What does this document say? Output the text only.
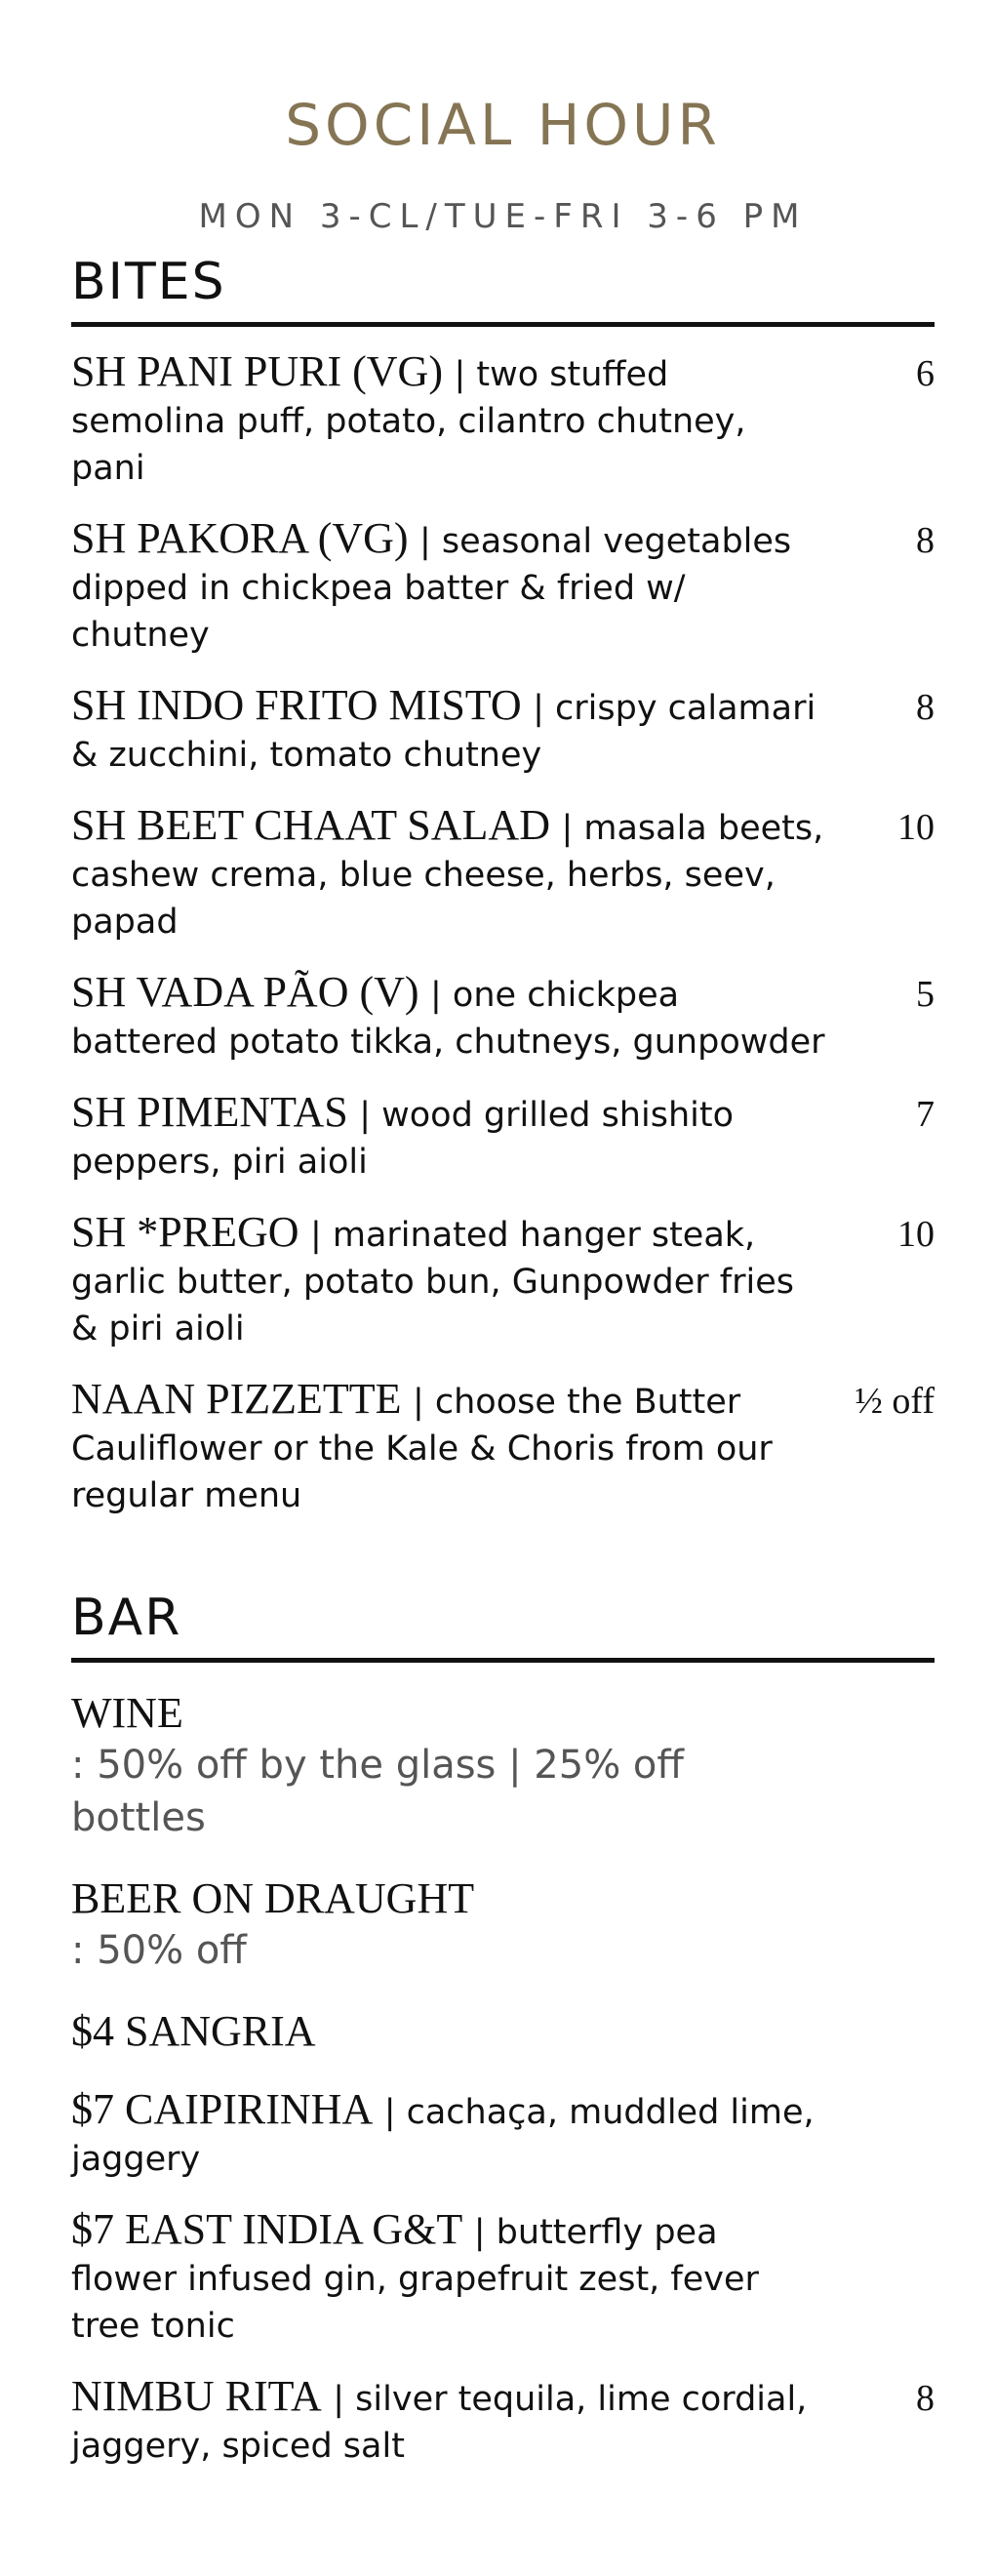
SOCIAL HOUR
MON 3-CL/TUE-FRI 3-6 PM
BITES
SH PANI PURI (VG) | two stuffed semolina puff, potato, cilantro chutney, pani
6
SH PAKORA (VG) | seasonal vegetables dipped in chickpea batter & fried w/ chutney
8
SH INDO FRITO MISTO | crispy calamari & zucchini, tomato chutney
8
SH BEET CHAAT SALAD | masala beets, cashew crema, blue cheese, herbs, seev, papad
10
SH VADA PÃO (V) | one chickpea battered potato tikka, chutneys, gunpowder
5
SH PIMENTAS | wood grilled shishito peppers, piri aioli
7
SH *PREGO | marinated hanger steak, garlic butter, potato bun, Gunpowder fries & piri aioli
10
NAAN PIZZETTE | choose the Butter Cauliflower or the Kale & Choris from our regular menu
½ off
BAR
WINE
: 50% off by the glass | 25% off bottles
BEER ON DRAUGHT
: 50% off
$4 SANGRIA
$7 CAIPIRINHA | cachaça, muddled lime, jaggery
$7 EAST INDIA G&T | butterfly pea flower infused gin, grapefruit zest, fever tree tonic
NIMBU RITA | silver tequila, lime cordial, jaggery, spiced salt
8
